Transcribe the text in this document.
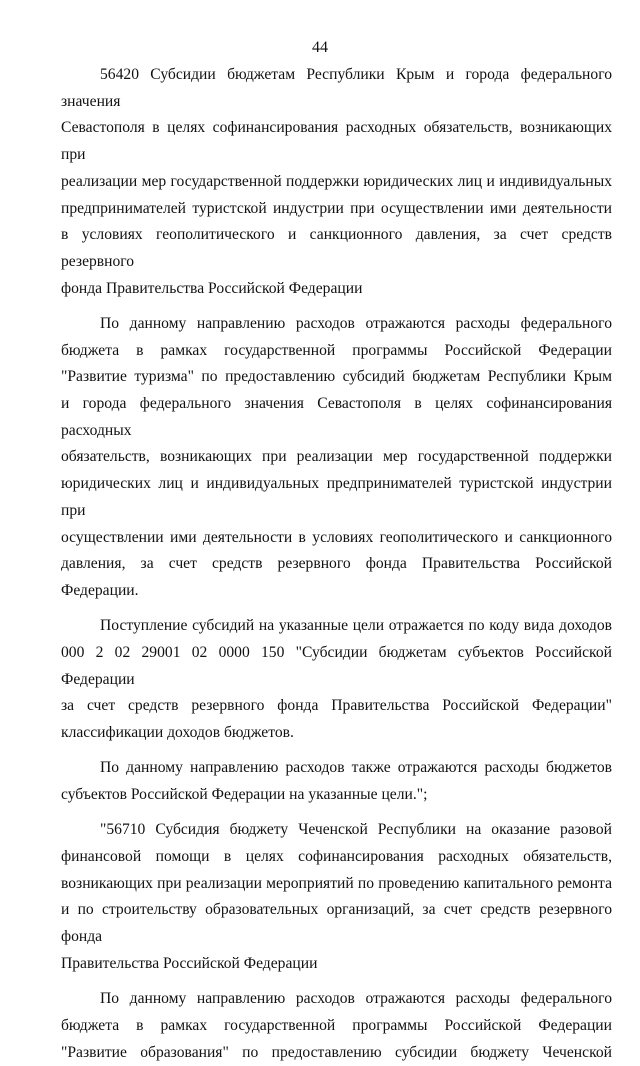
44

56420 Субсидии бюджетам Республики Крым и города федерального значения
Севастополя в целях софинансирования расходных обязательств, возникающих при
реализации мер государственной поддержки юридических лиц и индивидуальных
предпринимателей туристской индустрии при осуществлении ими деятельности
в условиях геополитического и санкционного давления, за счет средств резервного
фонда Правительства Российской Федерации

По данному направлению расходов отражаются расходы федерального
бюджета в рамках государственной программы Российской Федерации
"Развитие туризма" по предоставлению субсидий бюджетам Республики Крым
и города федерального значения Севастополя в целях софинансирования расходных
обязательств, возникающих при реализации мер государственной поддержки
юридических лиц и индивидуальных предпринимателей туристской индустрии при
осуществлении ими деятельности в условиях геополитического и санкционного
давления, за счет средств резервного фонда Правительства Российской Федерации.

Поступление субсидий на указанные цели отражается по коду вида доходов
000 2 02 29001 02 0000 150 "Субсидии бюджетам субъектов Российской Федерации
за счет средств резервного фонда Правительства Российской Федерации"
классификации доходов бюджетов.

По данному направлению расходов также отражаются расходы бюджетов
субъектов Российской Федерации на указанные цели.";

"56710 Субсидия бюджету Чеченской Республики на оказание разовой
финансовой помощи в целях софинансирования расходных обязательств,
возникающих при реализации мероприятий по проведению капитального ремонта
и по строительству образовательных организаций, за счет средств резервного фонда
Правительства Российской Федерации

По данному направлению расходов отражаются расходы федерального
бюджета в рамках государственной программы Российской Федерации
"Развитие образования" по предоставлению субсидии бюджету Чеченской
